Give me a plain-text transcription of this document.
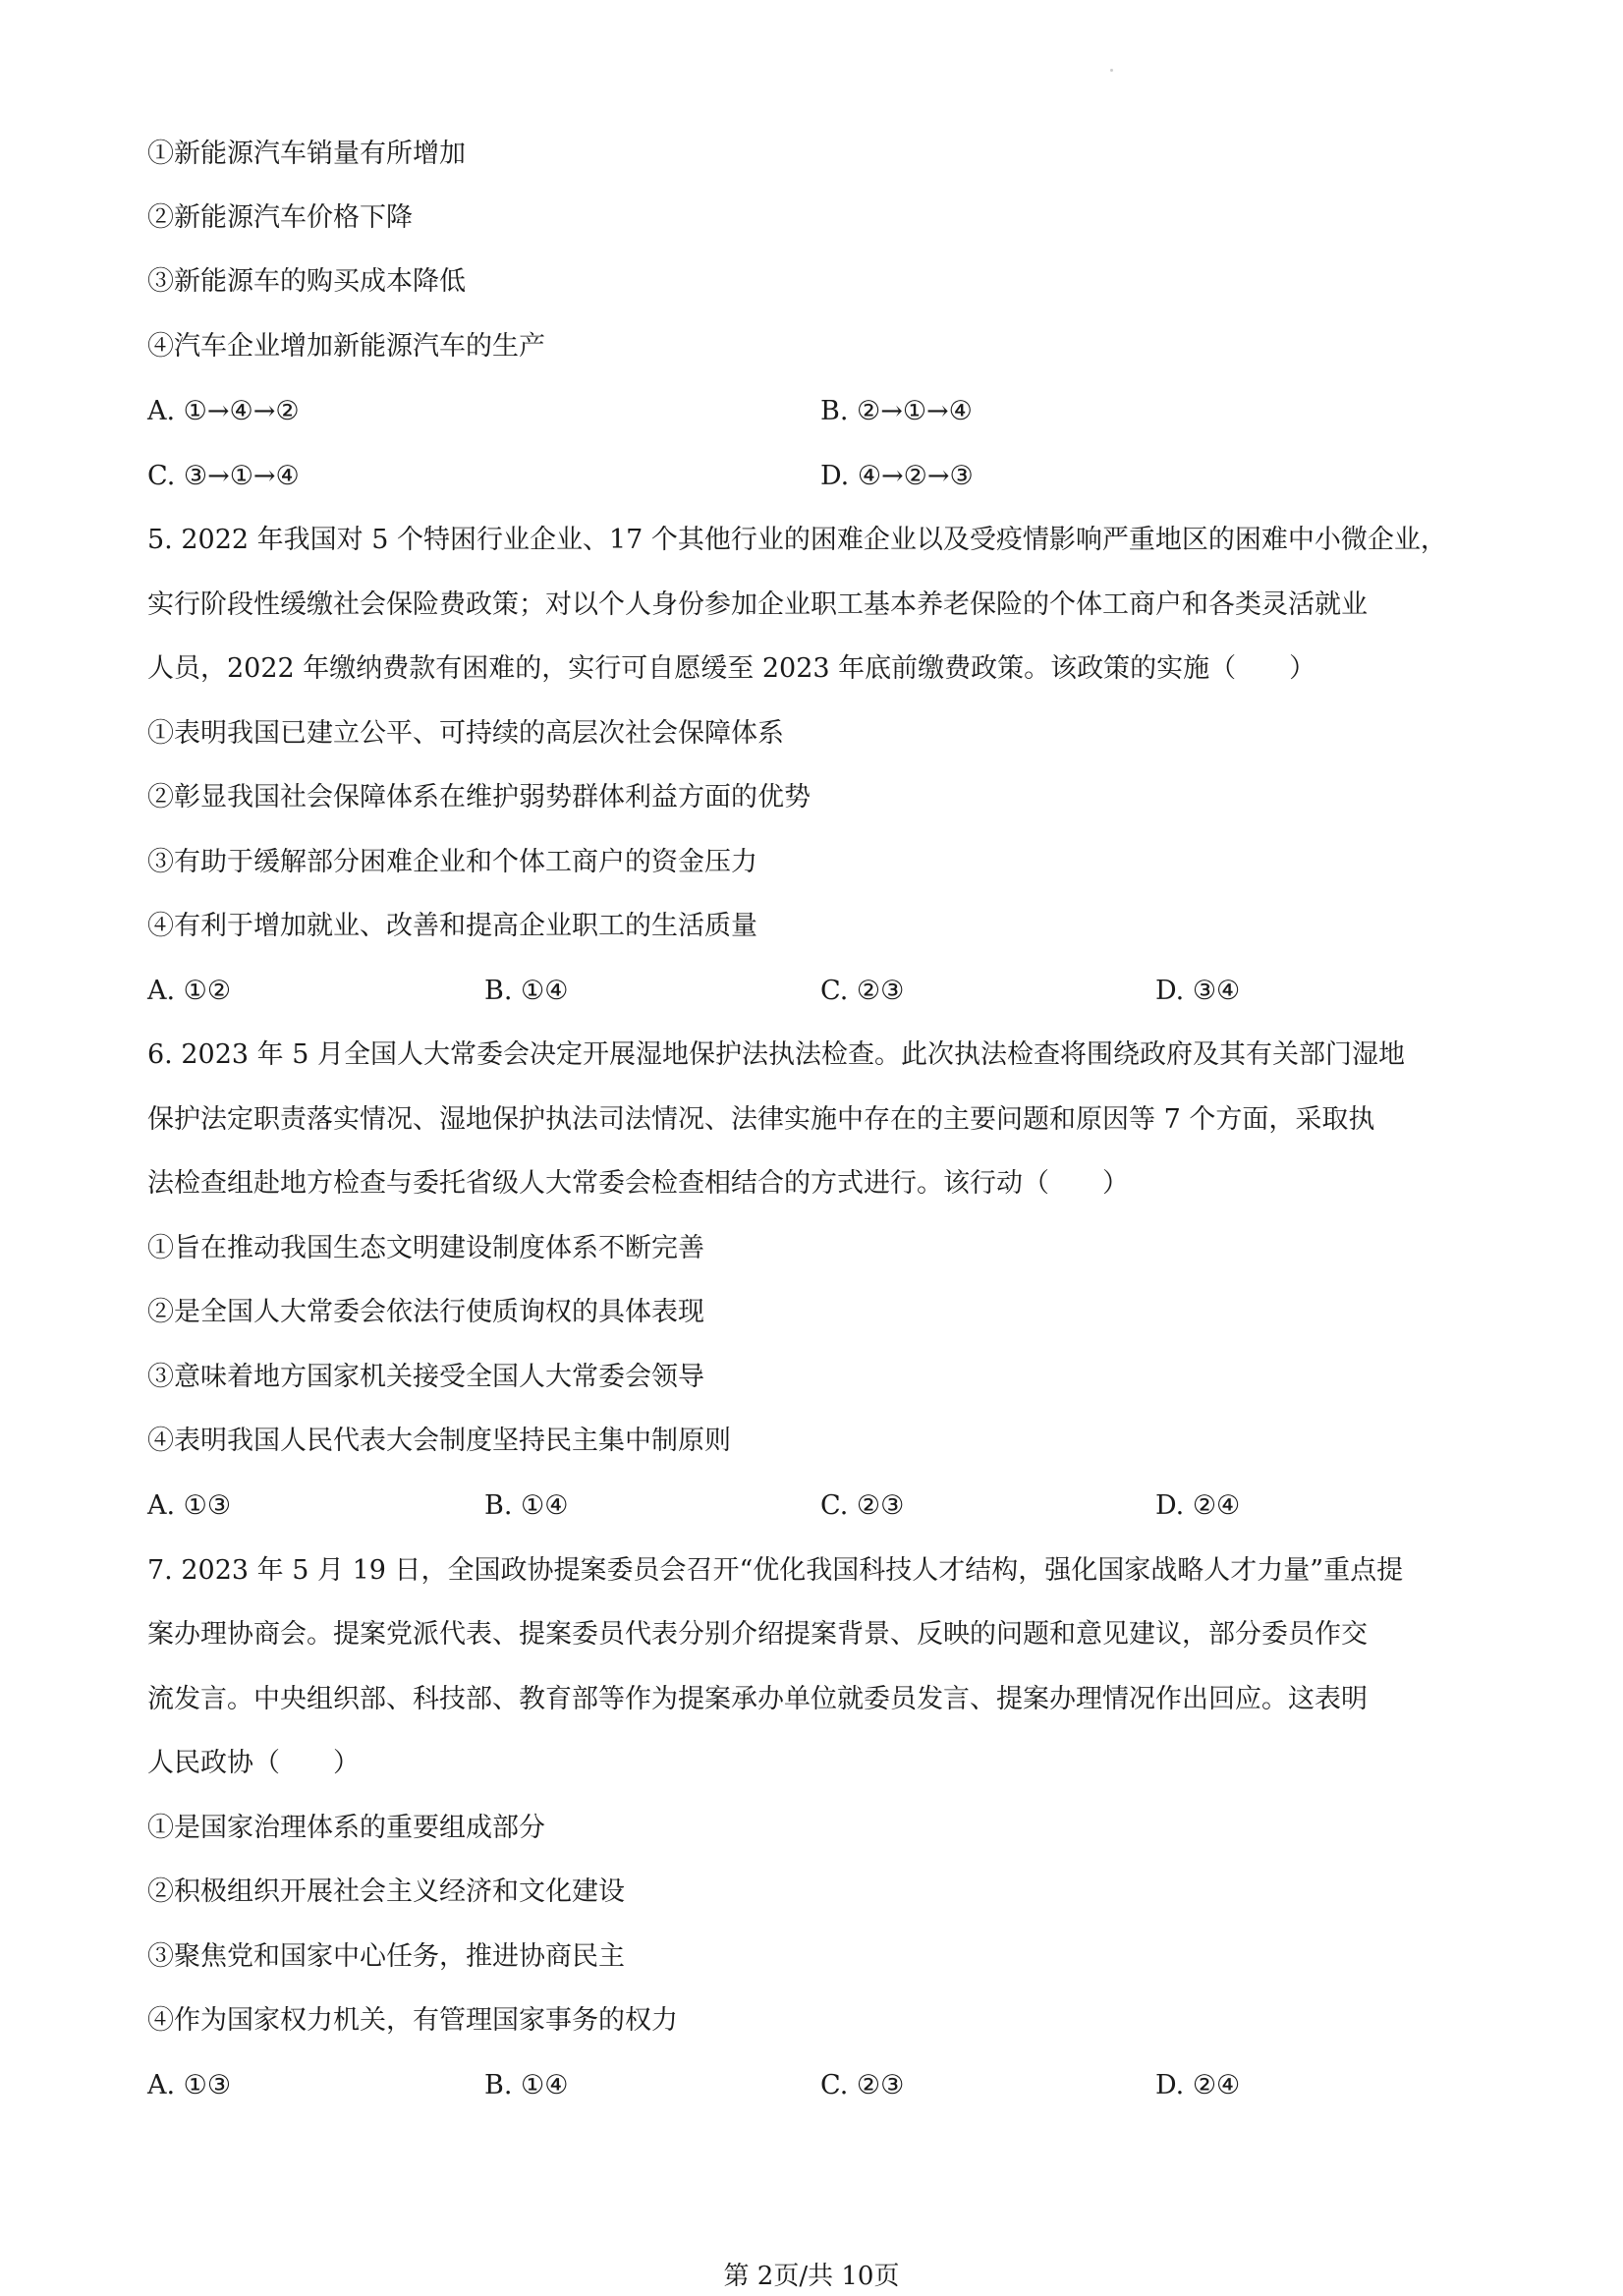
①新能源汽车销量有所增加
②新能源汽车价格下降
③新能源车的购买成本降低
④汽车企业增加新能源汽车的生产
A. ①→④→②	B. ②→①→④
C. ③→①→④	D. ④→②→③
5. 2022 年我国对 5 个特困行业企业、17 个其他行业的困难企业以及受疫情影响严重地区的困难中小微企业，
实行阶段性缓缴社会保险费政策；对以个人身份参加企业职工基本养老保险的个体工商户和各类灵活就业
人员，2022 年缴纳费款有困难的，实行可自愿缓至 2023 年底前缴费政策。该政策的实施（　　）
①表明我国已建立公平、可持续的高层次社会保障体系
②彰显我国社会保障体系在维护弱势群体利益方面的优势
③有助于缓解部分困难企业和个体工商户的资金压力
④有利于增加就业、改善和提高企业职工的生活质量
A. ①②	B. ①④	C. ②③	D. ③④
6. 2023 年 5 月全国人大常委会决定开展湿地保护法执法检查。此次执法检查将围绕政府及其有关部门湿地
保护法定职责落实情况、湿地保护执法司法情况、法律实施中存在的主要问题和原因等 7 个方面，采取执
法检查组赴地方检查与委托省级人大常委会检查相结合的方式进行。该行动（　　）
①旨在推动我国生态文明建设制度体系不断完善
②是全国人大常委会依法行使质询权的具体表现
③意味着地方国家机关接受全国人大常委会领导
④表明我国人民代表大会制度坚持民主集中制原则
A. ①③	B. ①④	C. ②③	D. ②④
7. 2023 年 5 月 19 日，全国政协提案委员会召开“优化我国科技人才结构，强化国家战略人才力量”重点提
案办理协商会。提案党派代表、提案委员代表分别介绍提案背景、反映的问题和意见建议，部分委员作交
流发言。中央组织部、科技部、教育部等作为提案承办单位就委员发言、提案办理情况作出回应。这表明
人民政协（　　）
①是国家治理体系的重要组成部分
②积极组织开展社会主义经济和文化建设
③聚焦党和国家中心任务，推进协商民主
④作为国家权力机关，有管理国家事务的权力
A. ①③	B. ①④	C. ②③	D. ②④
第 2页/共 10页
